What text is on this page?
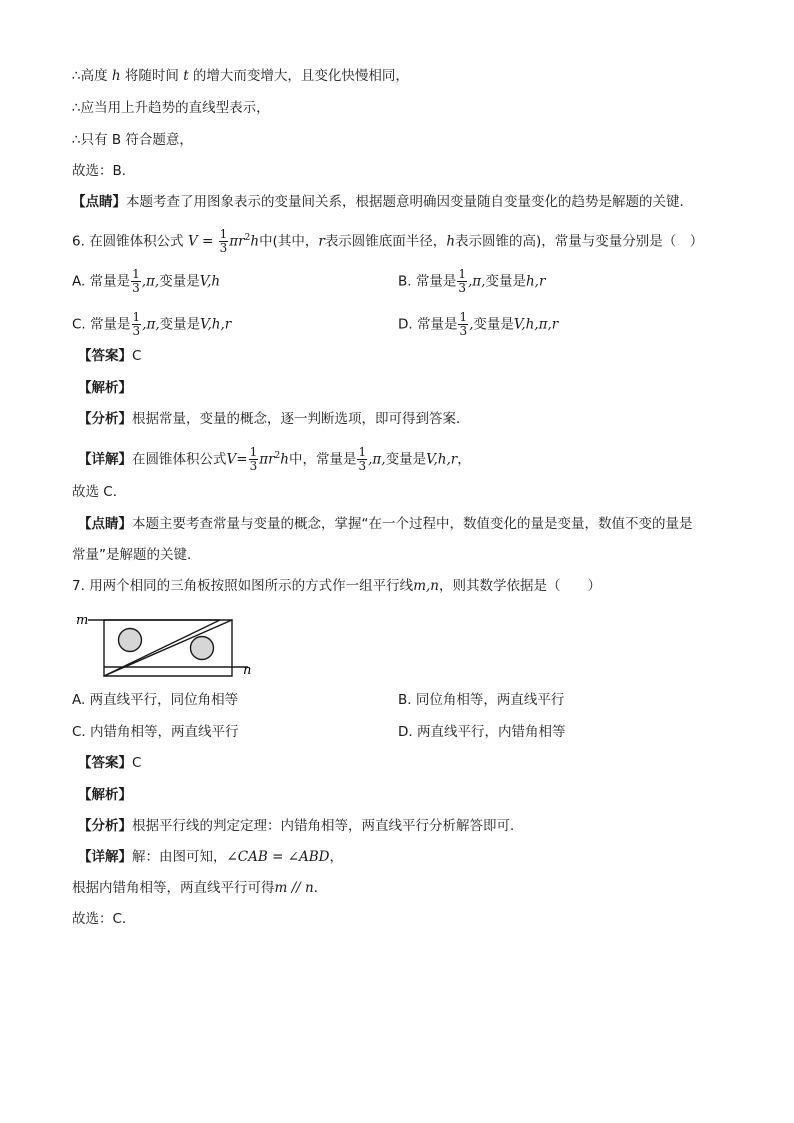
∴高度 h 将随时间 t 的增大而变增大，且变化快慢相同，
∴应当用上升趋势的直线型表示，
∴只有 B 符合题意，
故选：B．
【点睛】本题考查了用图象表示的变量间关系，根据题意明确因变量随自变量变化的趋势是解题的关键．
6. 在圆锥体积公式 $V = \frac{1}{3} \pi r^2h$中(其中，r表示圆锥底面半径，h表示圆锥的高)，常量与变量分别是（　）
A. 常量是 $\frac{1}{3} ,\pi$,变量是V,h	B. 常量是 $\frac{1}{3} ,\pi$,变量是h,r
C. 常量是 $\frac{1}{3} ,\pi$,变量是V,h,r	D. 常量是 $\frac{1}{3}$ ,变量是V,h,π,r
【答案】C
【解析】
【分析】根据常量，变量的概念，逐一判断选项，即可得到答案．
【详解】在圆锥体积公式$V= \frac{1}{3} \pi r^2h$中，常量是 $\frac{1}{3} ,\pi$,变量是V,h,r，
故选 C．
【点睛】本题主要考查常量与变量的概念，掌握“在一个过程中，数值变化的量是变量，数值不变的量是
常量”是解题的关键．
7. 用两个相同的三角板按照如图所示的方式作一组平行线m,n，则其数学依据是（　　）
m
n
A. 两直线平行，同位角相等	B. 同位角相等，两直线平行
C. 内错角相等，两直线平行	D. 两直线平行，内错角相等
【答案】C
【解析】
【分析】根据平行线的判定定理：内错角相等，两直线平行分析解答即可．
【详解】解：由图可知，∠CAB = ∠ABD，
根据内错角相等，两直线平行可得m // n．
故选：C．
